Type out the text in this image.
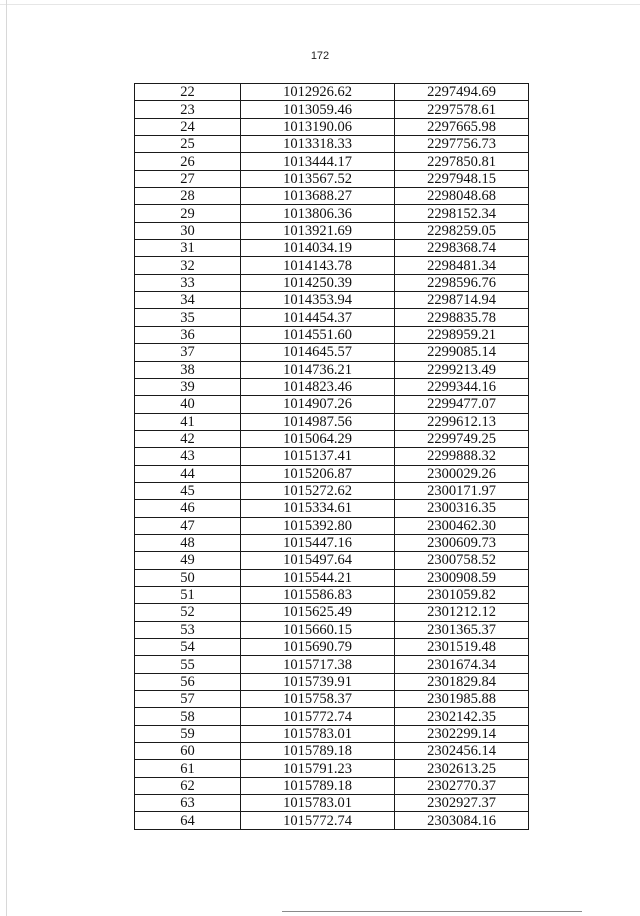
172
22	1012926.62	2297494.69
23	1013059.46	2297578.61
24	1013190.06	2297665.98
25	1013318.33	2297756.73
26	1013444.17	2297850.81
27	1013567.52	2297948.15
28	1013688.27	2298048.68
29	1013806.36	2298152.34
30	1013921.69	2298259.05
31	1014034.19	2298368.74
32	1014143.78	2298481.34
33	1014250.39	2298596.76
34	1014353.94	2298714.94
35	1014454.37	2298835.78
36	1014551.60	2298959.21
37	1014645.57	2299085.14
38	1014736.21	2299213.49
39	1014823.46	2299344.16
40	1014907.26	2299477.07
41	1014987.56	2299612.13
42	1015064.29	2299749.25
43	1015137.41	2299888.32
44	1015206.87	2300029.26
45	1015272.62	2300171.97
46	1015334.61	2300316.35
47	1015392.80	2300462.30
48	1015447.16	2300609.73
49	1015497.64	2300758.52
50	1015544.21	2300908.59
51	1015586.83	2301059.82
52	1015625.49	2301212.12
53	1015660.15	2301365.37
54	1015690.79	2301519.48
55	1015717.38	2301674.34
56	1015739.91	2301829.84
57	1015758.37	2301985.88
58	1015772.74	2302142.35
59	1015783.01	2302299.14
60	1015789.18	2302456.14
61	1015791.23	2302613.25
62	1015789.18	2302770.37
63	1015783.01	2302927.37
64	1015772.74	2303084.16
